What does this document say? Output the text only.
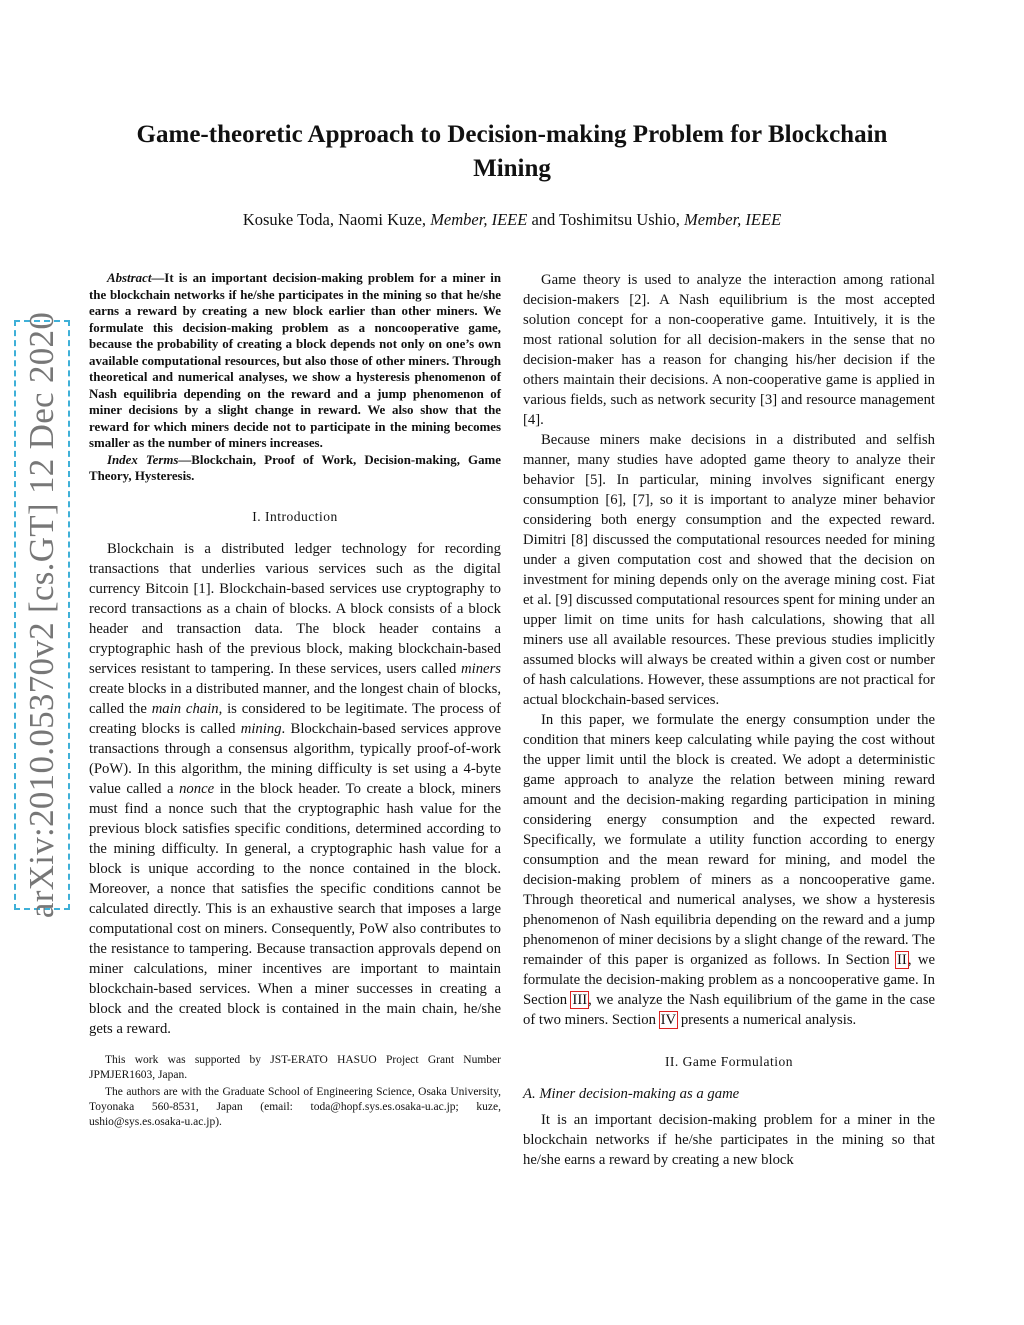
arXiv:2010.05370v2 [cs.GT] 12 Dec 2020
Game-theoretic Approach to Decision-making Problem for Blockchain Mining
Kosuke Toda, Naomi Kuze, Member, IEEE and Toshimitsu Ushio, Member, IEEE

Abstract—It is an important decision-making problem for a miner in the blockchain networks if he/she participates in the mining so that he/she earns a reward by creating a new block earlier than other miners. We formulate this decision-making problem as a noncooperative game, because the probability of creating a block depends not only on one’s own available computational resources, but also those of other miners. Through theoretical and numerical analyses, we show a hysteresis phenomenon of Nash equilibria depending on the reward and a jump phenomenon of miner decisions by a slight change in reward. We also show that the reward for which miners decide not to participate in the mining becomes smaller as the number of miners increases.

Index Terms—Blockchain, Proof of Work, Decision-making, Game Theory, Hysteresis.

I. Introduction

Blockchain is a distributed ledger technology for recording transactions that underlies various services such as the digital currency Bitcoin [1]. Blockchain-based services use cryptography to record transactions as a chain of blocks. A block consists of a block header and transaction data. The block header contains a cryptographic hash of the previous block, making blockchain-based services resistant to tampering. In these services, users called miners create blocks in a distributed manner, and the longest chain of blocks, called the main chain, is considered to be legitimate. The process of creating blocks is called mining. Blockchain-based services approve transactions through a consensus algorithm, typically proof-of-work (PoW). In this algorithm, the mining difficulty is set using a 4-byte value called a nonce in the block header. To create a block, miners must find a nonce such that the cryptographic hash value for the previous block satisfies specific conditions, determined according to the mining difficulty. In general, a cryptographic hash value for a block is unique according to the nonce contained in the block. Moreover, a nonce that satisfies the specific conditions cannot be calculated directly. This is an exhaustive search that imposes a large computational cost on miners. Consequently, PoW also contributes to the resistance to tampering. Because transaction approvals depend on miner calculations, miner incentives are important to maintain blockchain-based services. When a miner successes in creating a block and the created block is contained in the main chain, he/she gets a reward.

This work was supported by JST-ERATO HASUO Project Grant Number JPMJER1603, Japan.

The authors are with the Graduate School of Engineering Science, Osaka University, Toyonaka 560-8531, Japan (email: toda@hopf.sys.es.osaka-u.ac.jp; kuze, ushio@sys.es.osaka-u.ac.jp).

Game theory is used to analyze the interaction among rational decision-makers [2]. A Nash equilibrium is the most accepted solution concept for a non-cooperative game. Intuitively, it is the most rational solution for all decision-makers in the sense that no decision-maker has a reason for changing his/her decision if the others maintain their decisions. A non-cooperative game is applied in various fields, such as network security [3] and resource management [4].

Because miners make decisions in a distributed and selfish manner, many studies have adopted game theory to analyze their behavior [5]. In particular, mining involves significant energy consumption [6], [7], so it is important to analyze miner behavior considering both energy consumption and the expected reward. Dimitri [8] discussed the computational resources needed for mining under a given computation cost and showed that the decision on investment for mining depends only on the average mining cost. Fiat et al. [9] discussed computational resources spent for mining under an upper limit on time units for hash calculations, showing that all miners use all available resources. These previous studies implicitly assumed blocks will always be created within a given cost or number of hash calculations. However, these assumptions are not practical for actual blockchain-based services.

In this paper, we formulate the energy consumption under the condition that miners keep calculating while paying the cost without the upper limit until the block is created. We adopt a deterministic game approach to analyze the relation between mining reward amount and the decision-making regarding participation in mining considering energy consumption and the expected reward. Specifically, we formulate a utility function according to energy consumption and the mean reward for mining, and model the decision-making problem of miners as a noncooperative game. Through theoretical and numerical analyses, we show a hysteresis phenomenon of Nash equilibria depending on the reward and a jump phenomenon of miner decisions by a slight change of the reward. The remainder of this paper is organized as follows. In Section II, we formulate the decision-making problem as a noncooperative game. In Section III, we analyze the Nash equilibrium of the game in the case of two miners. Section IV presents a numerical analysis.

II. Game Formulation
A. Miner decision-making as a game

It is an important decision-making problem for a miner in the blockchain networks if he/she participates in the mining so that he/she earns a reward by creating a new block
